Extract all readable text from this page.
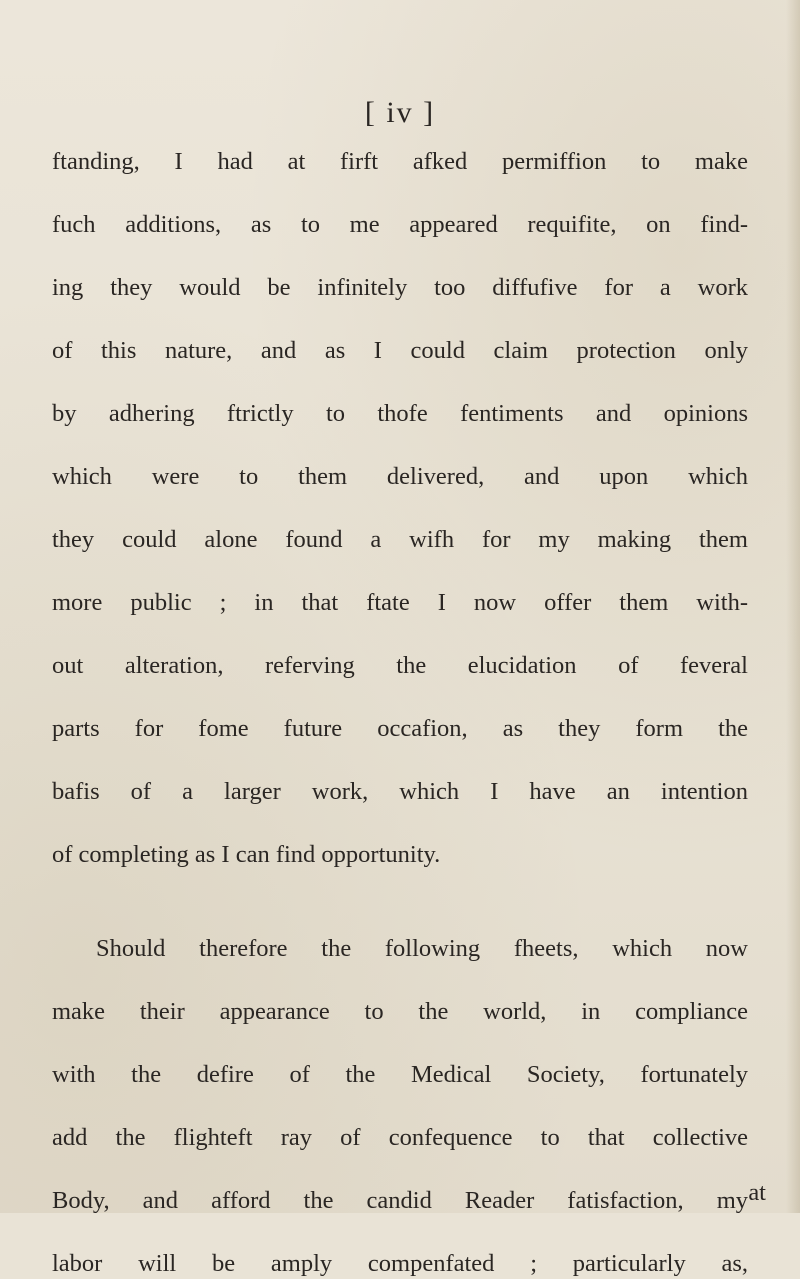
[ iv ]
ftanding, I had at firft afked permiffion to make
fuch additions, as to me appeared requifite, on find-
ing they would be infinitely too diffufive for a work
of this nature, and as I could claim protection only
by adhering ftrictly to thofe fentiments and opinions
which were to them delivered, and upon which
they could alone found a wifh for my making them
more public ; in that ftate I now offer them with-
out alteration, referving the elucidation of feveral
parts for fome future occafion, as they form the
bafis of a larger work, which I have an intention
of completing as I can find opportunity.
Should therefore the following fheets, which now
make their appearance to the world, in compliance
with the defire of the Medical Society, fortunately
add the flighteft ray of confequence to that collective
Body, and afford the candid Reader fatisfaction, my
labor will be amply compenfated ; particularly as,
at
